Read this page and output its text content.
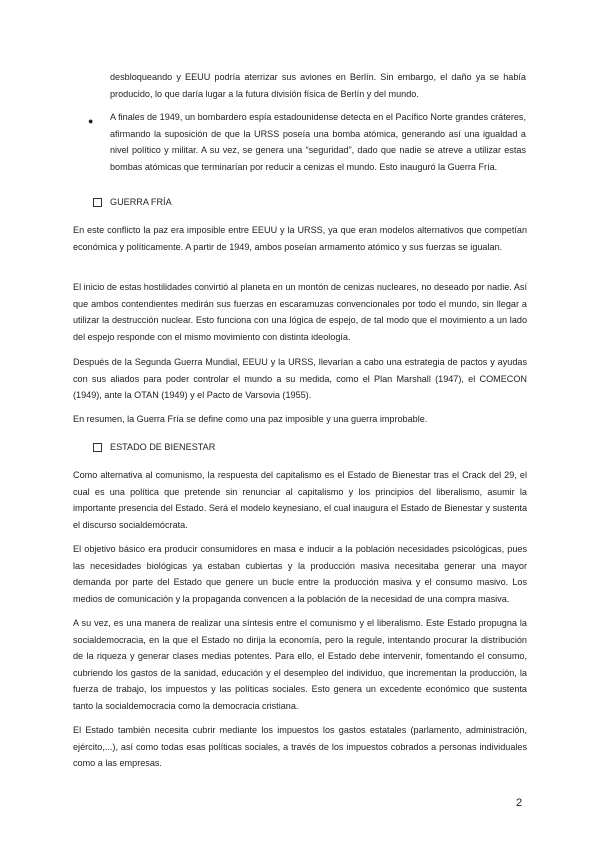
desbloqueando y EEUU podría aterrizar sus aviones en Berlín. Sin embargo, el daño ya se había producido, lo que daría lugar a la futura división física de Berlín y del mundo.
● A finales de 1949, un bombardero espía estadounidense detecta en el Pacífico Norte grandes cráteres, afirmando la suposición de que la URSS poseía una bomba atómica, generando así una igualdad a nivel político y militar. A su vez, se genera una “seguridad”, dado que nadie se atreve a utilizar estas bombas atómicas que terminarían por reducir a cenizas el mundo. Esto inauguró la Guerra Fría.
GUERRA FRÍA
En este conflicto la paz era imposible entre EEUU y la URSS, ya que eran modelos alternativos que competían económica y políticamente. A partir de 1949, ambos poseían armamento atómico y sus fuerzas se igualan.
El inicio de estas hostilidades convirtió al planeta en un montón de cenizas nucleares, no deseado por nadie. Así que ambos contendientes medirán sus fuerzas en escaramuzas convencionales por todo el mundo, sin llegar a utilizar la destrucción nuclear. Esto funciona con una lógica de espejo, de tal modo que el movimiento a un lado del espejo responde con el mismo movimiento con distinta ideología.
Después de la Segunda Guerra Mundial, EEUU y la URSS, llevarían a cabo una estrategia de pactos y ayudas con sus aliados para poder controlar el mundo a su medida, como el Plan Marshall (1947), el COMECON (1949), ante la OTAN (1949) y el Pacto de Varsovia (1955).
En resumen, la Guerra Fría se define como una paz imposible y una guerra improbable.
ESTADO DE BIENESTAR
Como alternativa al comunismo, la respuesta del capitalismo es el Estado de Bienestar tras el Crack del 29, el cual es una política que pretende sin renunciar al capitalismo y los principios del liberalismo, asumir la importante presencia del Estado. Será el modelo keynesiano, el cual inaugura el Estado de Bienestar y sustenta el discurso socialdemócrata.
El objetivo básico era producir consumidores en masa e inducir a la población necesidades psicológicas, pues las necesidades biológicas ya estaban cubiertas y la producción masiva necesitaba generar una mayor demanda por parte del Estado que genere un bucle entre la producción masiva y el consumo masivo. Los medios de comunicación y la propaganda convencen a la población de la necesidad de una compra masiva.
A su vez, es una manera de realizar una síntesis entre el comunismo y el liberalismo. Este Estado propugna la socialdemocracia, en la que el Estado no dirija la economía, pero la regule, intentando procurar la distribución de la riqueza y generar clases medias potentes. Para ello, el Estado debe intervenir, fomentando el consumo, cubriendo los gastos de la sanidad, educación y el desempleo del individuo, que incrementan la producción, la fuerza de trabajo, los impuestos y las políticas sociales. Esto genera un excedente económico que sustenta tanto la socialdemocracia como la democracia cristiana.
El Estado también necesita cubrir mediante los impuestos los gastos estatales (parlamento, administración, ejército,...), así como todas esas políticas sociales, a través de los impuestos cobrados a personas individuales como a las empresas.
2
